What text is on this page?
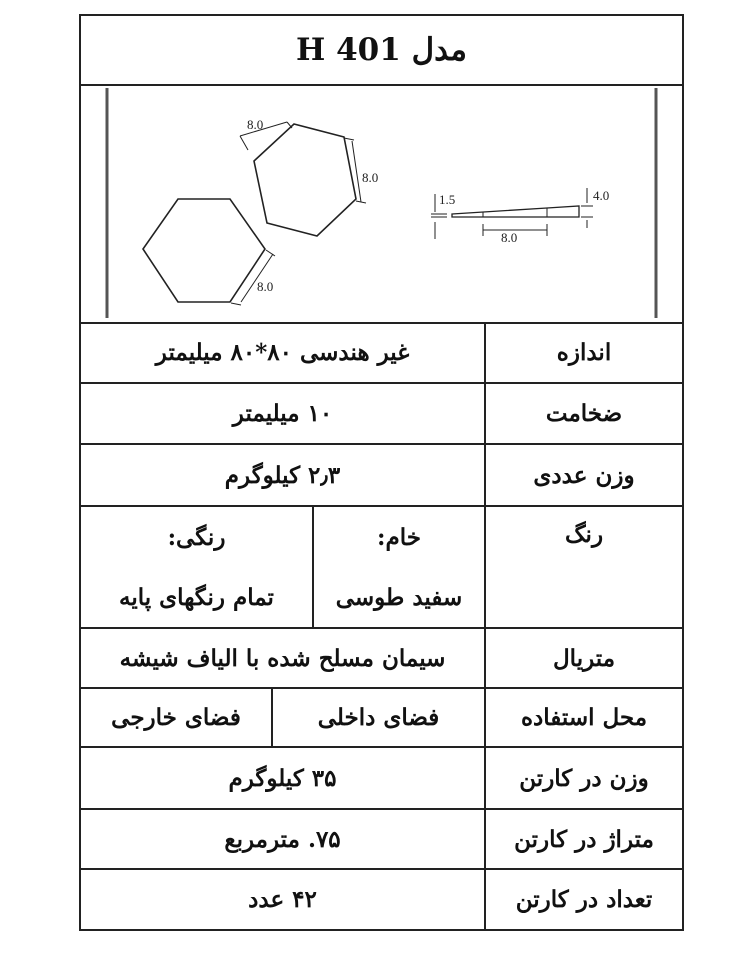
مدل H 401
8.0
8.0
8.0
1.5	4.0
8.0
اندازه
غیر هندسی ۸۰*۸۰ میلیمتر
ضخامت
۱۰ میلیمتر
وزن عددی
۲٫۳ کیلوگرم
رنگ
خام:
سفید طوسی
رنگی:
تمام رنگهای پایه
متریال
سیمان مسلح شده با الیاف شیشه
محل استفاده
فضای داخلی
فضای خارجی
وزن در کارتن
۳۵ کیلوگرم
متراژ در کارتن
۷۵. مترمربع
تعداد در کارتن
۴۲ عدد
